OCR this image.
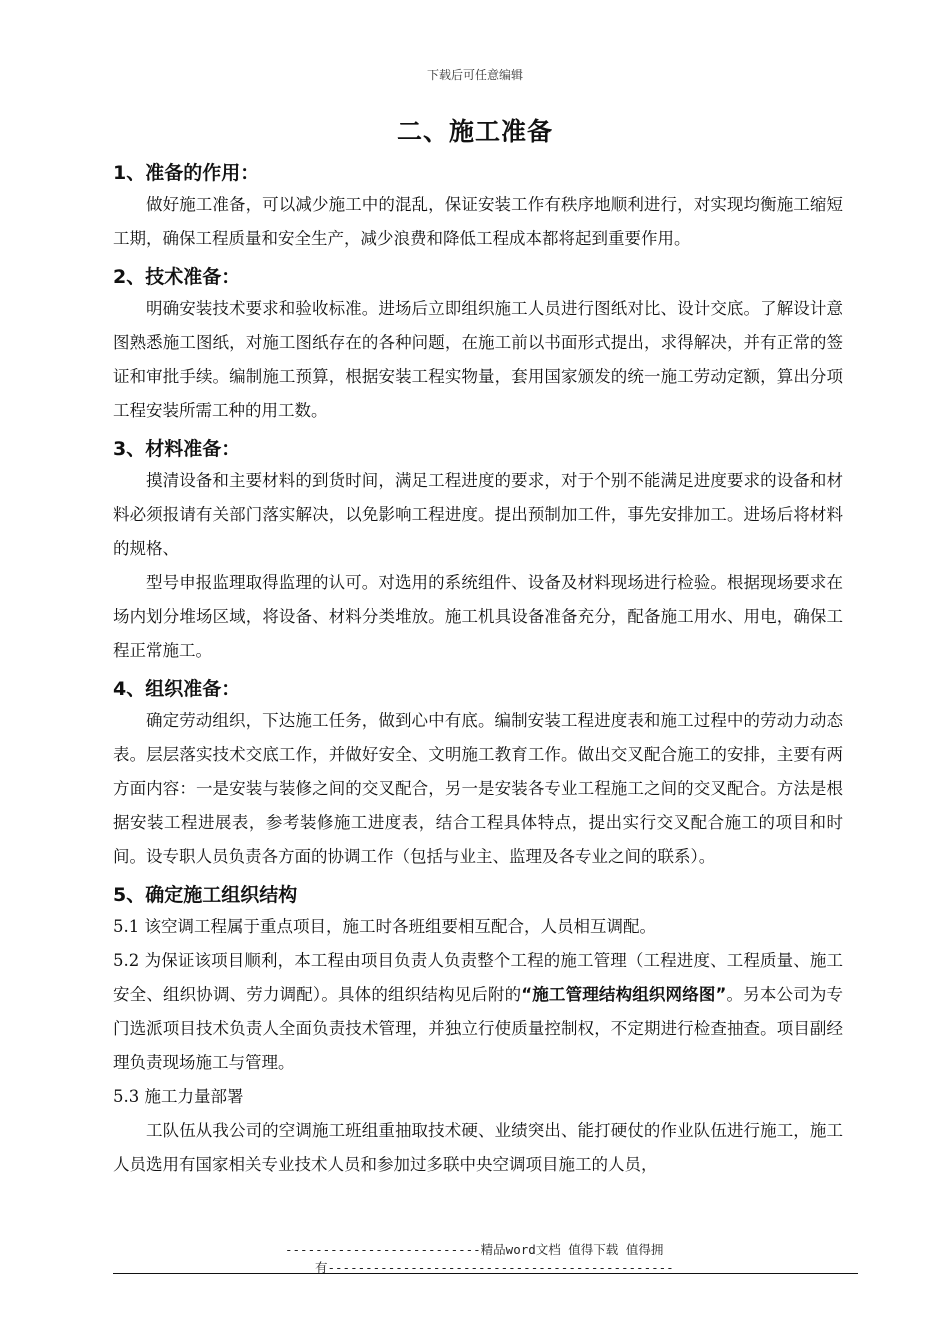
下载后可任意编辑
二、施工准备
1、准备的作用：

做好施工准备，可以减少施工中的混乱，保证安装工作有秩序地顺利进行，对实现均衡施工缩短工期，确保工程质量和安全生产，减少浪费和降低工程成本都将起到重要作用。

2、技术准备：

明确安装技术要求和验收标准。进场后立即组织施工人员进行图纸对比、设计交底。了解设计意图熟悉施工图纸，对施工图纸存在的各种问题，在施工前以书面形式提出，求得解决，并有正常的签证和审批手续。编制施工预算，根据安装工程实物量，套用国家颁发的统一施工劳动定额，算出分项工程安装所需工种的用工数。

3、材料准备：

摸清设备和主要材料的到货时间，满足工程进度的要求，对于个别不能满足进度要求的设备和材料必须报请有关部门落实解决，以免影响工程进度。提出预制加工件，事先安排加工。进场后将材料的规格、

型号申报监理取得监理的认可。对选用的系统组件、设备及材料现场进行检验。根据现场要求在场内划分堆场区域，将设备、材料分类堆放。施工机具设备准备充分，配备施工用水、用电，确保工程正常施工。

4、组织准备：

确定劳动组织，下达施工任务，做到心中有底。编制安装工程进度表和施工过程中的劳动力动态表。层层落实技术交底工作，并做好安全、文明施工教育工作。做出交叉配合施工的安排，主要有两方面内容：一是安装与装修之间的交叉配合，另一是安装各专业工程施工之间的交叉配合。方法是根据安装工程进展表，参考装修施工进度表，结合工程具体特点，提出实行交叉配合施工的项目和时间。设专职人员负责各方面的协调工作（包括与业主、监理及各专业之间的联系）。

5、确定施工组织结构

5.1 该空调工程属于重点项目，施工时各班组要相互配合，人员相互调配。

5.2 为保证该项目顺利，本工程由项目负责人负责整个工程的施工管理（工程进度、工程质量、施工安全、组织协调、劳力调配）。具体的组织结构见后附的“施工管理结构组织网络图”。另本公司为专门选派项目技术负责人全面负责技术管理，并独立行使质量控制权，不定期进行检查抽查。项目副经理负责现场施工与管理。

5.3 施工力量部署

工队伍从我公司的空调施工班组重抽取技术硬、业绩突出、能打硬仗的作业队伍进行施工，施工人员选用有国家相关专业技术人员和参加过多联中央空调项目施工的人员，

--------------------------精品word文档 值得下载 值得拥
有----------------------------------------------
